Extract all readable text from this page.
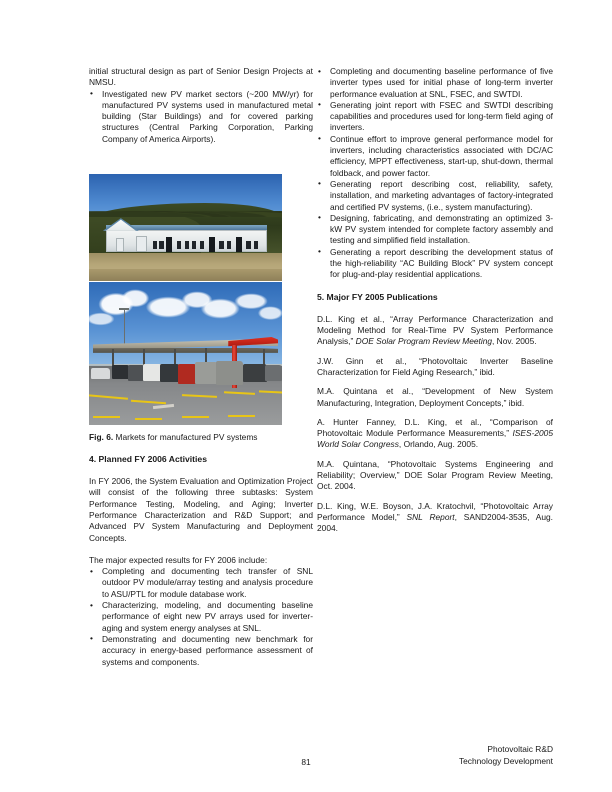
initial structural design as part of Senior Design Projects at NMSU.

• Investigated new PV market sectors (~200 MW/yr) for manufactured PV systems used in manufactured metal building (Star Buildings) and for covered parking structures (Central Parking Corporation, Parking Company of America Airports).

Fig. 6. Markets for manufactured PV systems

4. Planned FY 2006 Activities

In FY 2006, the System Evaluation and Optimization Project will consist of the following three subtasks: System Performance Testing, Modeling, and Aging; Inverter Performance Characterization and R&D Support; and Advanced PV System Manufacturing and Deployment Concepts.

The major expected results for FY 2006 include:

• Completing and documenting tech transfer of SNL outdoor PV module/array testing and analysis procedure to ASU/PTL for module database work.
• Characterizing, modeling, and documenting baseline performance of eight new PV arrays used for inverter-aging and system energy analyses at SNL.
• Demonstrating and documenting new benchmark for accuracy in energy-based performance assessment of systems and components.
• Completing and documenting baseline performance of five inverter types used for initial phase of long-term inverter performance evaluation at SNL, FSEC, and SWTDI.
• Generating joint report with FSEC and SWTDI describing capabilities and procedures used for long-term field aging of inverters.
• Continue effort to improve general performance model for inverters, including characteristics associated with DC/AC efficiency, MPPT effectiveness, start-up, shut-down, thermal foldback, and power factor.
• Generating report describing cost, reliability, safety, installation, and marketing advantages of factory-integrated and certified PV systems, (i.e., system manufacturing).
• Designing, fabricating, and demonstrating an optimized 3-kW PV system intended for complete factory assembly and testing and simplified field installation.
• Generating a report describing the development status of the high-reliability “AC Building Block” PV system concept for plug-and-play residential applications.
5. Major FY 2005 Publications

D.L. King et al., “Array Performance Characterization and Modeling Method for Real-Time PV System Performance Analysis,” DOE Solar Program Review Meeting, Nov. 2005.

J.W. Ginn et al., “Photovoltaic Inverter Baseline Characterization for Field Aging Research,” ibid.

M.A. Quintana et al., “Development of New System Manufacturing, Integration, Deployment Concepts,” ibid.

A. Hunter Fanney, D.L. King, et al., “Comparison of Photovoltaic Module Performance Measurements,” ISES-2005 World Solar Congress, Orlando, Aug. 2005.

M.A. Quintana, “Photovoltaic Systems Engineering and Reliability; Overview,” DOE Solar Program Review Meeting, Oct. 2004.

D.L. King, W.E. Boyson, J.A. Kratochvil, “Photovoltaic Array Performance Model,” SNL Report, SAND2004-3535, Aug. 2004.

Photovoltaic R&D
Technology Development
81
